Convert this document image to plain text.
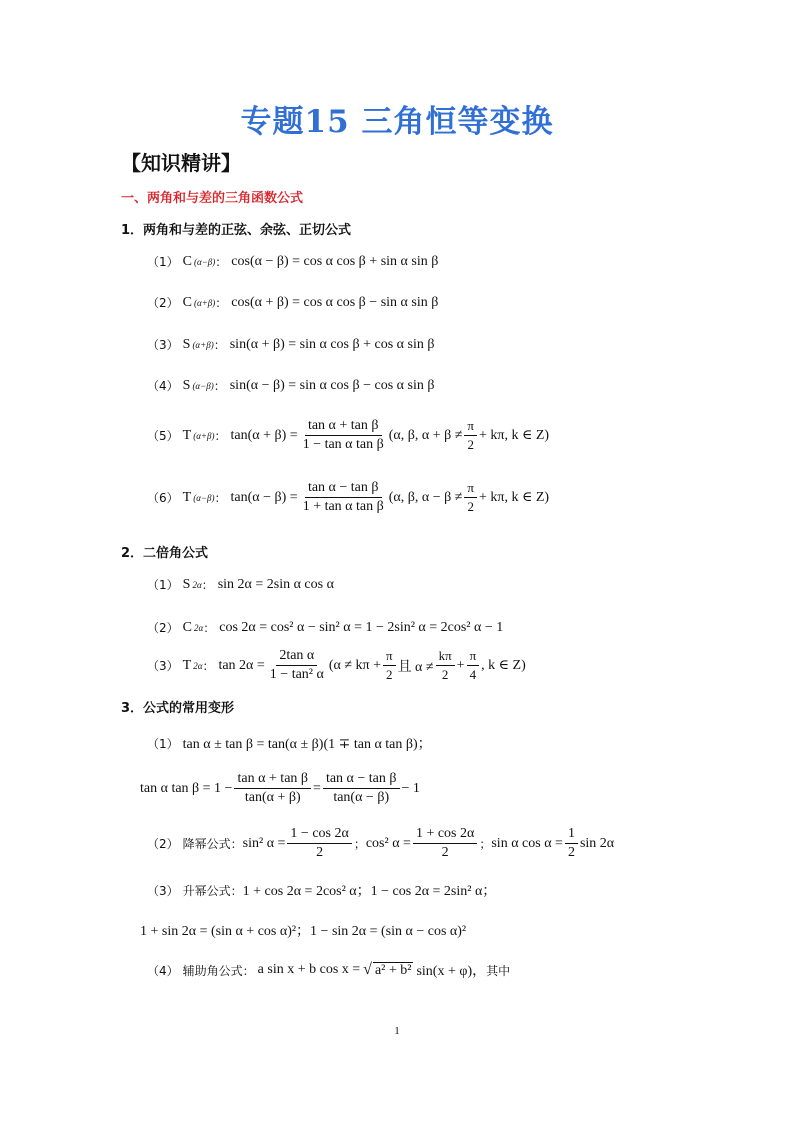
专题15 三角恒等变换
【知识精讲】
一、两角和与差的三角函数公式
1．两角和与差的正弦、余弦、正切公式
（1） C (α−β) ： cos(α − β) = cos α cos β + sin α sin β
（2） C (α+β) ： cos(α + β) = cos α cos β − sin α sin β
（3） S (α+β) ： sin(α + β) = sin α cos β + cos α sin β
（4） S (α−β) ： sin(α − β) = sin α cos β − cos α sin β
（5） T (α+β) ： $\tan(\alpha + \beta) = \frac{\text{tan α + tan β}}{\text{1 − tan α tan β}} (\alpha$, β, $\alpha + \beta \ne \frac{\pi}{2} + k\pi$, k ∈ Z)
（6） T (α−β) ： $\tan(\alpha - \beta) = \frac{\text{tan α − tan β}}{\text{1 + tan α tan β}} (\alpha$, β, $\alpha - \beta \ne \frac{\pi}{2} + k\pi$, k ∈ Z)
2．二倍角公式
（1） S 2α ： sin 2α = 2sin α cos α
（2） C 2α ： cos 2α = cos² α − sin² α = 1 − 2sin² α = 2cos² α − 1
（3） T 2α ： $\tan 2\alpha = \frac{\text{2tan α}}{\text{1 − tan² α}} (\alpha \ne k\pi + \frac{\pi}{2}$ 且 $\alpha \ne \frac{k\pi}{2} + \frac{\pi}{4}$ , k ∈ Z)
3．公式的常用变形
（1） tan α ± tan β = tan(α ± β)(1 ∓ tan α tan β)；
tan α $\tan \beta = 1 - \frac{\text{tan α + tan β}}{\tan(\alpha + \beta)} = \frac{\text{tan α − tan β}}{\tan(\alpha - \beta)} - 1$
（2） 降幂公式： sin² $\alpha = \frac{1 - \cos 2\alpha}{2}$ ； cos² $\alpha = \frac{1 + \cos 2\alpha}{2}$ ； sin α $\cos \alpha = \frac{1}{2}$ sin 2α
（3） 升幂公式： 1 + cos 2α = 2cos² α；1 − cos 2α = 2sin² α；
1 + sin 2α = (sin α + cos α)²；1 − sin 2α = (sin α − cos α)²
（4） 辅助角公式： a sin x + b cos x = √ a² + b² sin(x + φ)， 其中
1
